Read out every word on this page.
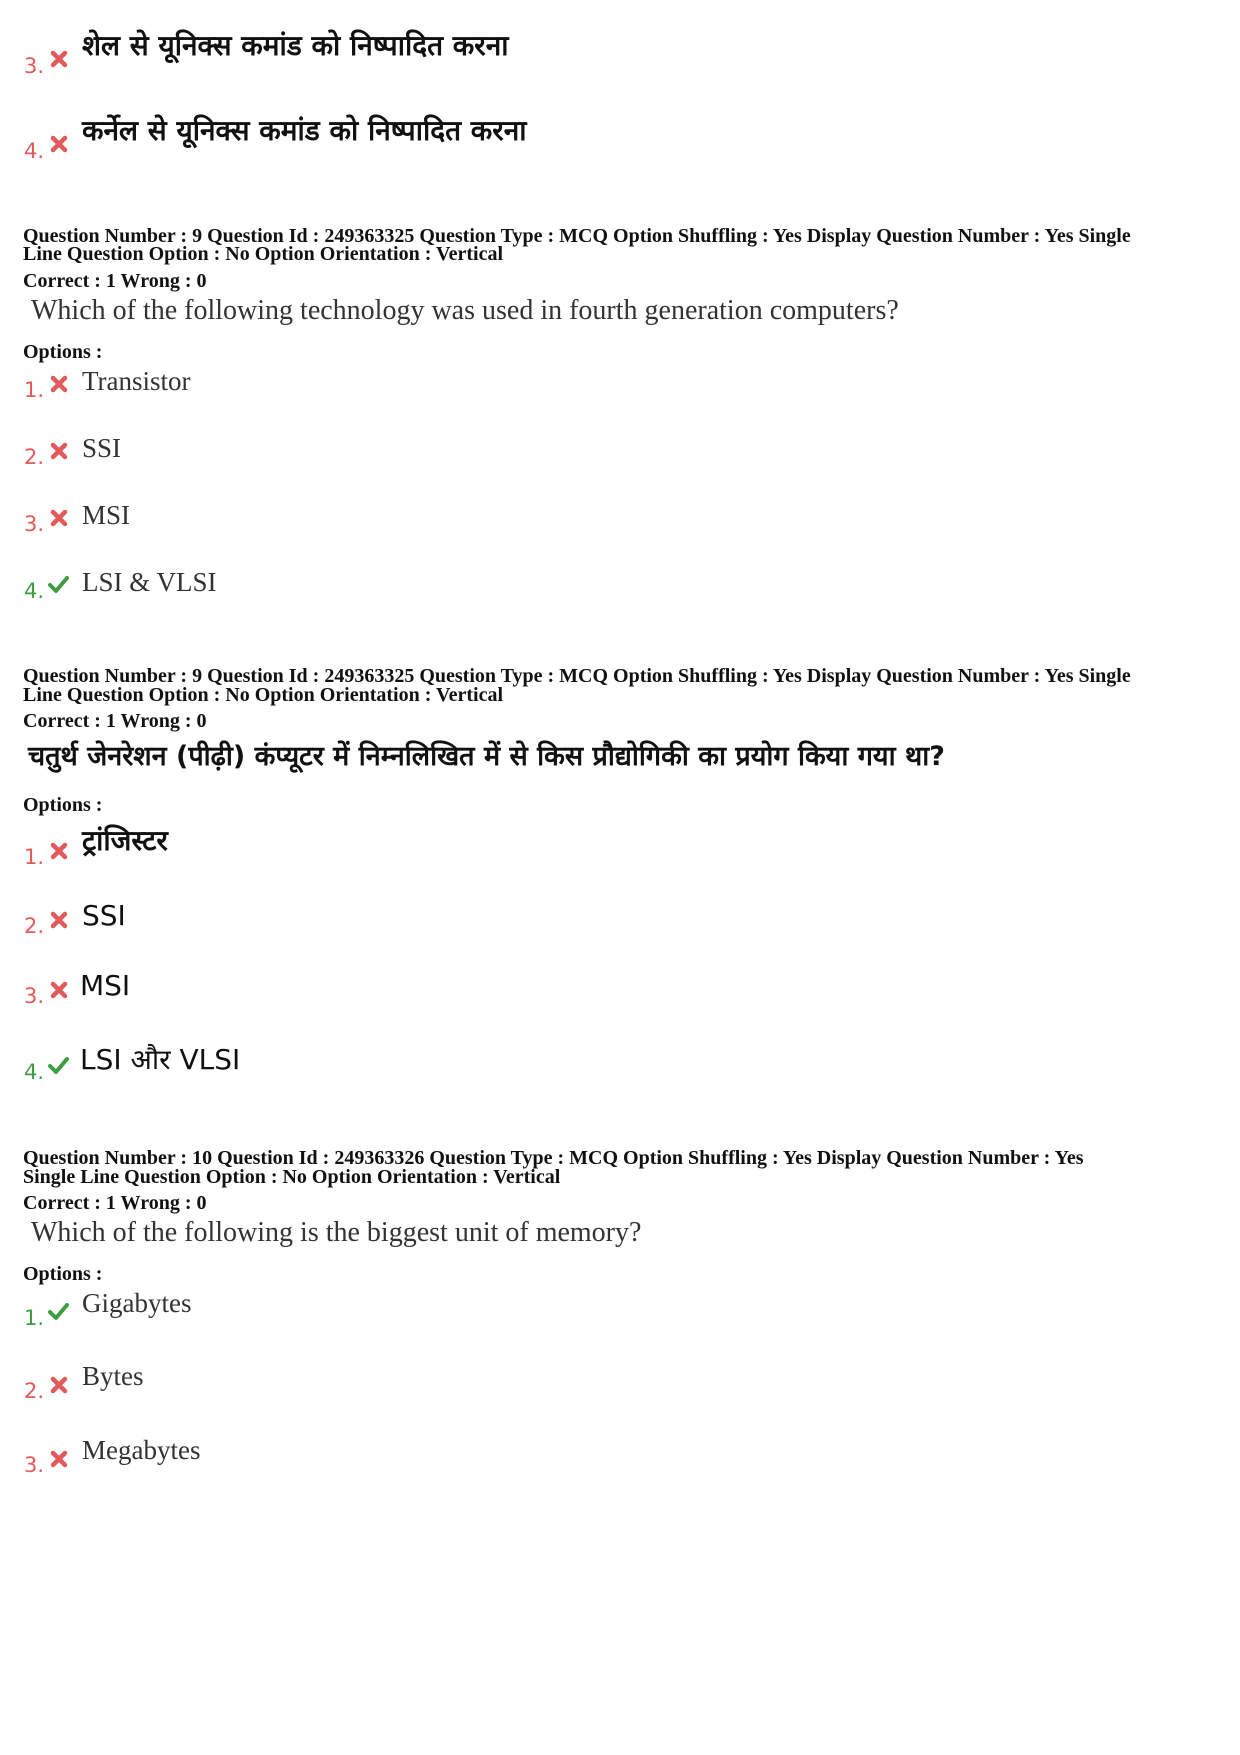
3.
शेल से यूनिक्स कमांड को निष्पादित करना
4.
कर्नेल से यूनिक्स कमांड को निष्पादित करना
Question Number : 9 Question Id : 249363325 Question Type : MCQ Option Shuffling : Yes Display Question Number : Yes Single
Line Question Option : No Option Orientation : Vertical
Correct : 1 Wrong : 0
Which of the following technology was used in fourth generation computers?
Options :
1. Transistor
2. SSI
3. MSI
4. LSI & VLSI
Question Number : 9 Question Id : 249363325 Question Type : MCQ Option Shuffling : Yes Display Question Number : Yes Single
Line Question Option : No Option Orientation : Vertical
Correct : 1 Wrong : 0
चतुर्थ जेनरेशन (पीढ़ी) कंप्यूटर में निम्नलिखित में से किस प्रौद्योगिकी का प्रयोग किया गया था?
Options :
1. ट्रांजिस्टर
2. SSI
3. MSI
4. LSI और VLSI
Question Number : 10 Question Id : 249363326 Question Type : MCQ Option Shuffling : Yes Display Question Number : Yes
Single Line Question Option : No Option Orientation : Vertical
Correct : 1 Wrong : 0
Which of the following is the biggest unit of memory?
Options :
1. Gigabytes
2. Bytes
3. Megabytes
